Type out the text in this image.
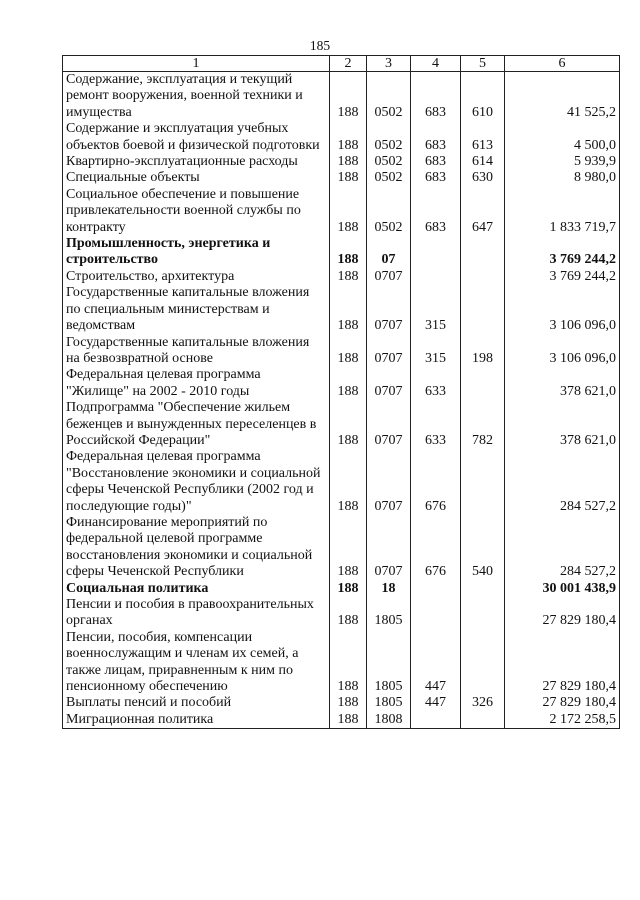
185
1	2	3	4	5	6
Содержание, эксплуатация и текущий ремонт вооружения, военной техники и имущества	188	0502	683	610	41 525,2
Содержание и эксплуатация учебных объектов боевой и физической подготовки	188	0502	683	613	4 500,0
Квартирно-эксплуатационные расходы	188	0502	683	614	5 939,9
Специальные объекты	188	0502	683	630	8 980,0
Социальное обеспечение и повышение привлекательности военной службы по контракту	188	0502	683	647	1 833 719,7
Промышленность, энергетика и строительство	188	07			3 769 244,2
Строительство, архитектура	188	0707			3 769 244,2
Государственные капитальные вложения по специальным министерствам и ведомствам	188	0707	315		3 106 096,0
Государственные капитальные вложения на безвозвратной основе	188	0707	315	198	3 106 096,0
Федеральная целевая программа "Жилище" на 2002 - 2010 годы	188	0707	633		378 621,0
Подпрограмма "Обеспечение жильем беженцев и вынужденных переселенцев в Российской Федерации"	188	0707	633	782	378 621,0
Федеральная целевая программа "Восстановление экономики и социальной сферы Чеченской Республики (2002 год и последующие годы)"	188	0707	676		284 527,2
Финансирование мероприятий по федеральной целевой программе восстановления экономики и социальной сферы Чеченской Республики	188	0707	676	540	284 527,2
Социальная политика	188	18			30 001 438,9
Пенсии и пособия в правоохранительных органах	188	1805			27 829 180,4
Пенсии, пособия, компенсации военнослужащим и членам их семей, а также лицам, приравненным к ним по пенсионному обеспечению	188	1805	447		27 829 180,4
Выплаты пенсий и пособий	188	1805	447	326	27 829 180,4
Миграционная политика	188	1808			2 172 258,5
